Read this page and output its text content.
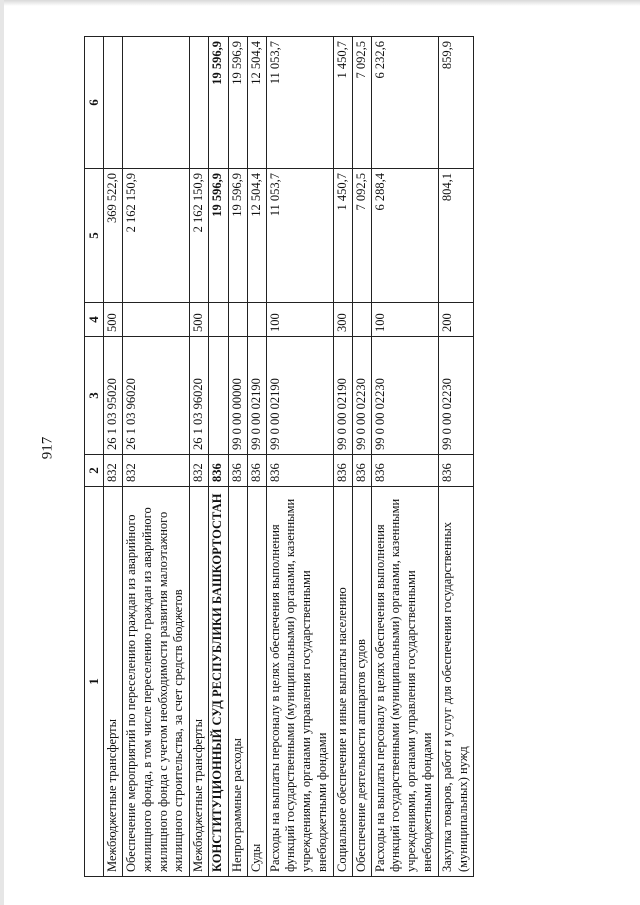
917
1	2	3	4	5	6
Межбюджетные трансферты	832	26 1 03 95020	500	369 522,0	
Обеспечение мероприятий по переселению граждан из аварийного жилищного фонда, в том числе переселению граждан из аварийного жилищного фонда с учетом необходимости развития малоэтажного жилищного строительства, за счет средств бюджетов	832	26 1 03 96020		2 162 150,9	
Межбюджетные трансферты	832	26 1 03 96020	500	2 162 150,9	
КОНСТИТУЦИОННЫЙ СУД РЕСПУБЛИКИ БАШКОРТОСТАН	836			19 596,9	19 596,9
Непрограммные расходы	836	99 0 00 00000		19 596,9	19 596,9
Суды	836	99 0 00 02190		12 504,4	12 504,4
Расходы на выплаты персоналу в целях обеспечения выполнения функций государственными (муниципальными) органами, казенными учреждениями, органами управления государственными внебюджетными фондами	836	99 0 00 02190	100	11 053,7	11 053,7
Социальное обеспечение и иные выплаты населению	836	99 0 00 02190	300	1 450,7	1 450,7
Обеспечение деятельности аппаратов судов	836	99 0 00 02230		7 092,5	7 092,5
Расходы на выплаты персоналу в целях обеспечения выполнения функций государственными (муниципальными) органами, казенными учреждениями, органами управления государственными внебюджетными фондами	836	99 0 00 02230	100	6 288,4	6 232,6
Закупка товаров, работ и услуг для обеспечения государственных (муниципальных) нужд	836	99 0 00 02230	200	804,1	859,9
